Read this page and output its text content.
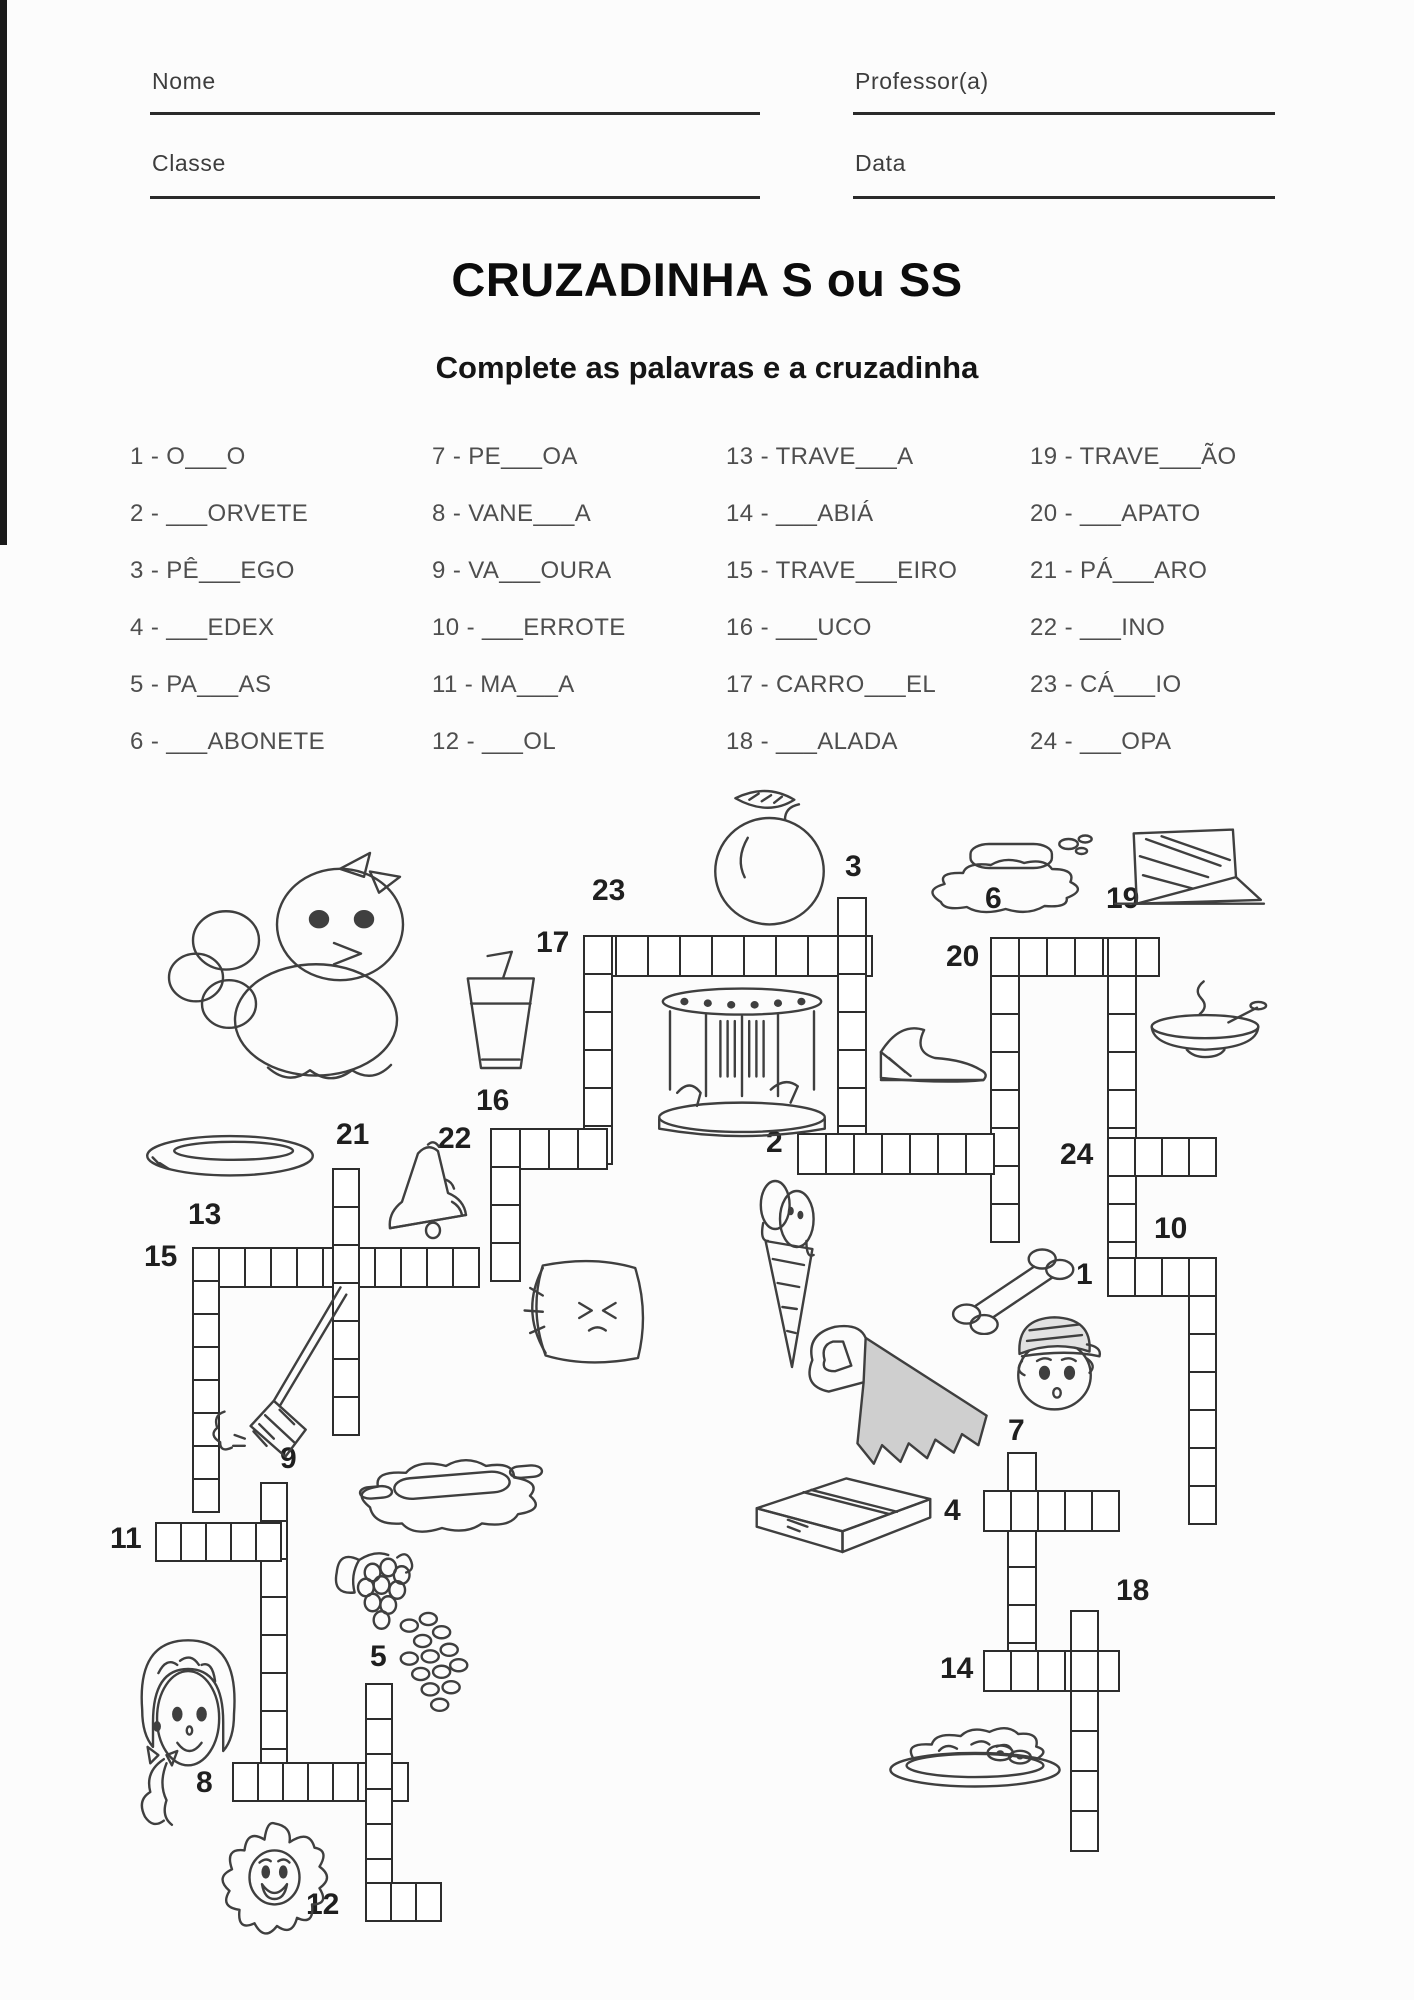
Nome	Professor(a)
Classe	Data
CRUZADINHA S ou SS
Complete as palavras e a cruzadinha
1 - O___O
2 - ___ORVETE
3 - PÊ___EGO
4 - ___EDEX
5 - PA___AS
6 - ___ABONETE
7 - PE___OA
8 - VANE___A
9 - VA___OURA
10 - ___ERROTE
11 - MA___A
12 - ___OL
13 - TRAVE___A
14 - ___ABIÁ
15 - TRAVE___EIRO
16 - ___UCO
17 - CARRO___EL
18 - ___ALADA
19 - TRAVE___ÃO
20 - ___APATO
21 - PÁ___ARO
22 - ___INO
23 - CÁ___IO
24 - ___OPA
23
17
3
6	19
20
16
22
21
13
15
2	24
10
1
7
4
9
11
18
14
5
8
12
